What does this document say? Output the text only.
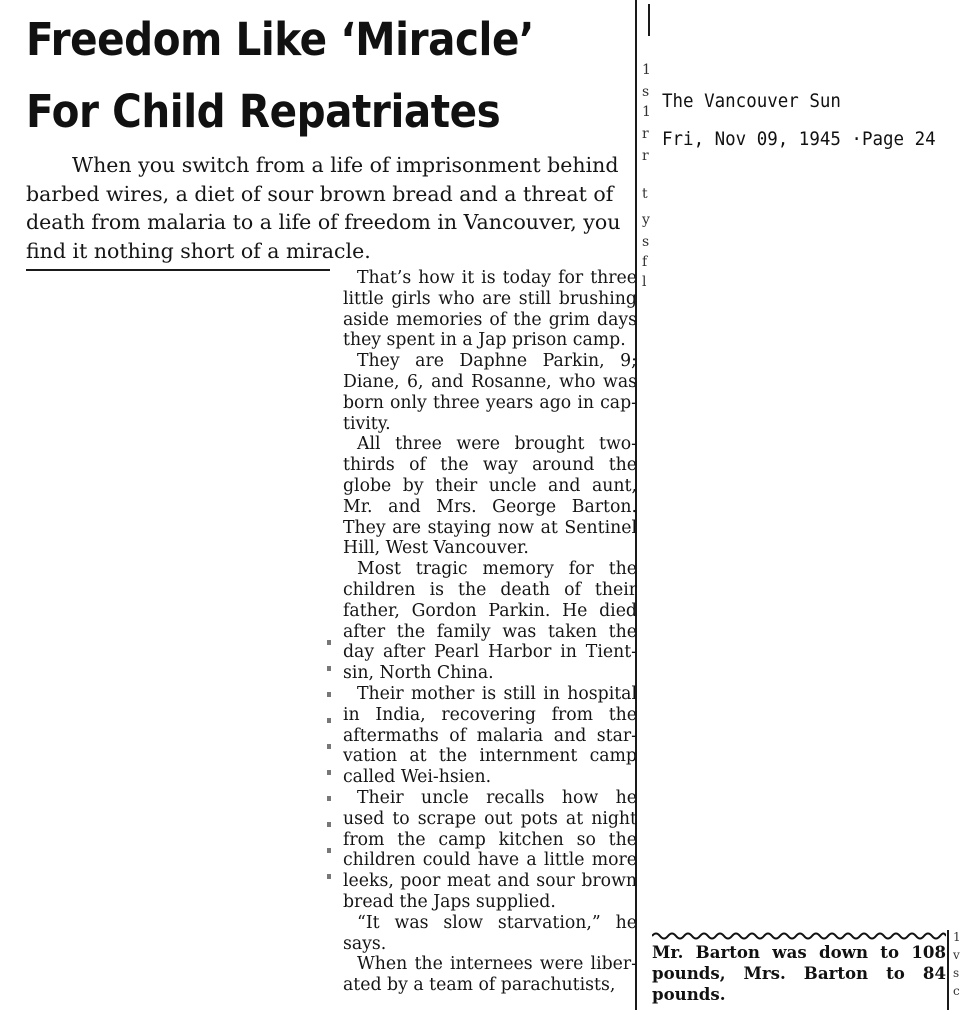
Freedom Like ‘Miracle’
For Child Repatriates
When you switch from a life of imprisonment behind
barbed wires, a diet of sour brown bread and a threat of
death from malaria to a life of freedom in Vancouver, you
find it nothing short of a miracle.
The Vancouver Sun
Fri, Nov 09, 1945 ·Page 24

That’s how it is today for three

little girls who are still brushing

aside memories of the grim days

they spent in a Jap prison camp.

They are Daphne Parkin, 9;

Diane, 6, and Rosanne, who was

born only three years ago in cap-

tivity.

All three were brought two-

thirds of the way around the

globe by their uncle and aunt,

Mr. and Mrs. George Barton.

They are staying now at Sentinel

Hill, West Vancouver.

Most tragic memory for the

children is the death of their

father, Gordon Parkin. He died

after the family was taken the

day after Pearl Harbor in Tient-

sin, North China.

Their mother is still in hospital

in India, recovering from the

aftermaths of malaria and star-

vation at the internment camp

called Wei-hsien.

Their uncle recalls how he

used to scrape out pots at night

from the camp kitchen so the

children could have a little more

leeks, poor meat and sour brown

bread the Japs supplied.

“It was slow starvation,” he

says.

When the internees were liber-

ated by a team of parachutists,

Mr. Barton was down to 108

pounds, Mrs. Barton to 84

pounds.

1
s
1
r
r
t
y
s
f
l
1
v
s
c
